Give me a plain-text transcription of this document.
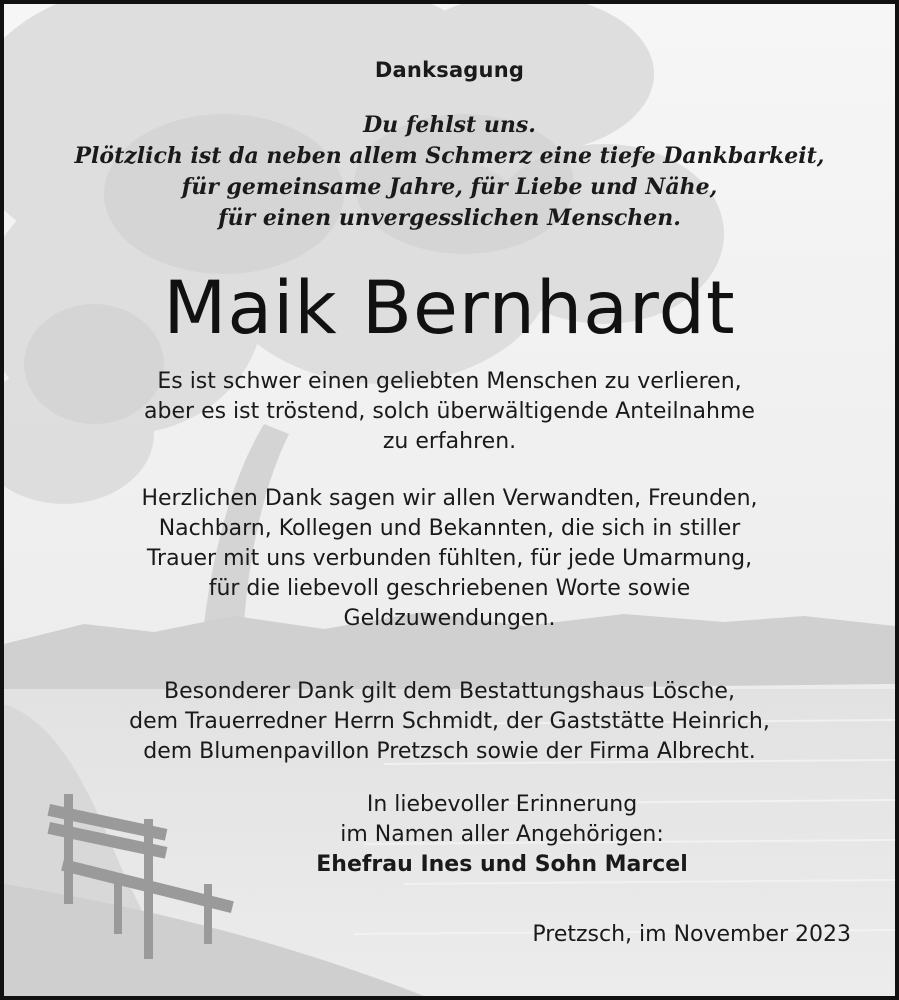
Danksagung
Du fehlst uns.
Plötzlich ist da neben allem Schmerz eine tiefe Dankbarkeit,
für gemeinsame Jahre, für Liebe und Nähe,
für einen unvergesslichen Menschen.
Maik Bernhardt
Es ist schwer einen geliebten Menschen zu verlieren,
aber es ist tröstend, solch überwältigende Anteilnahme
zu erfahren.
Herzlichen Dank sagen wir allen Verwandten, Freunden,
Nachbarn, Kollegen und Bekannten, die sich in stiller
Trauer mit uns verbunden fühlten, für jede Umarmung,
für die liebevoll geschriebenen Worte sowie
Geldzuwendungen.
Besonderer Dank gilt dem Bestattungshaus Lösche,
dem Trauerredner Herrn Schmidt, der Gaststätte Heinrich,
dem Blumenpavillon Pretzsch sowie der Firma Albrecht.
In liebevoller Erinnerung
im Namen aller Angehörigen:
Ehefrau Ines und Sohn Marcel
Pretzsch, im November 2023
